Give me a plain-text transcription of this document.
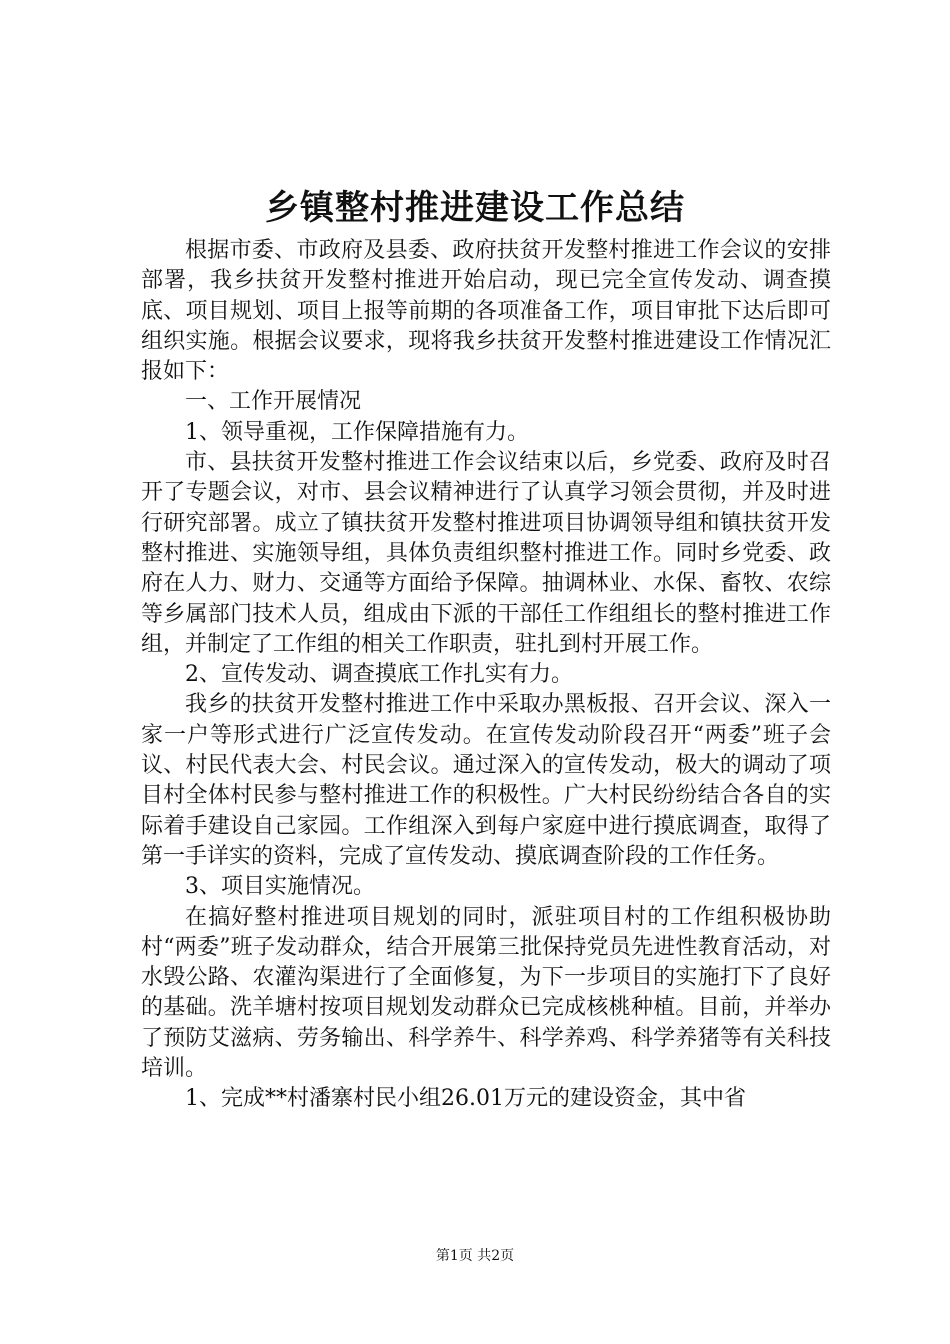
乡镇整村推进建设工作总结

根据市委、市政府及县委、政府扶贫开发整村推进工作会议的安排部署，我乡扶贫开发整村推进开始启动，现已完全宣传发动、调查摸底、项目规划、项目上报等前期的各项准备工作，项目审批下达后即可组织实施。根据会议要求，现将我乡扶贫开发整村推进建设工作情况汇报如下：

一、工作开展情况

1、领导重视，工作保障措施有力。

市、县扶贫开发整村推进工作会议结束以后，乡党委、政府及时召开了专题会议，对市、县会议精神进行了认真学习领会贯彻，并及时进行研究部署。成立了镇扶贫开发整村推进项目协调领导组和镇扶贫开发整村推进、实施领导组，具体负责组织整村推进工作。同时乡党委、政府在人力、财力、交通等方面给予保障。抽调林业、水保、畜牧、农综等乡属部门技术人员，组成由下派的干部任工作组组长的整村推进工作组，并制定了工作组的相关工作职责，驻扎到村开展工作。

2、宣传发动、调查摸底工作扎实有力。

我乡的扶贫开发整村推进工作中采取办黑板报、召开会议、深入一家一户等形式进行广泛宣传发动。在宣传发动阶段召开“两委”班子会议、村民代表大会、村民会议。通过深入的宣传发动，极大的调动了项目村全体村民参与整村推进工作的积极性。广大村民纷纷结合各自的实际着手建设自己家园。工作组深入到每户家庭中进行摸底调查，取得了第一手详实的资料，完成了宣传发动、摸底调查阶段的工作任务。

3、项目实施情况。

在搞好整村推进项目规划的同时，派驻项目村的工作组积极协助村“两委”班子发动群众，结合开展第三批保持党员先进性教育活动，对水毁公路、农灌沟渠进行了全面修复，为下一步项目的实施打下了良好的基础。洗羊塘村按项目规划发动群众已完成核桃种植。目前，并举办了预防艾滋病、劳务输出、科学养牛、科学养鸡、科学养猪等有关科技培训。

1、完成**村潘寨村民小组26.01万元的建设资金，其中省

第1页 共2页
